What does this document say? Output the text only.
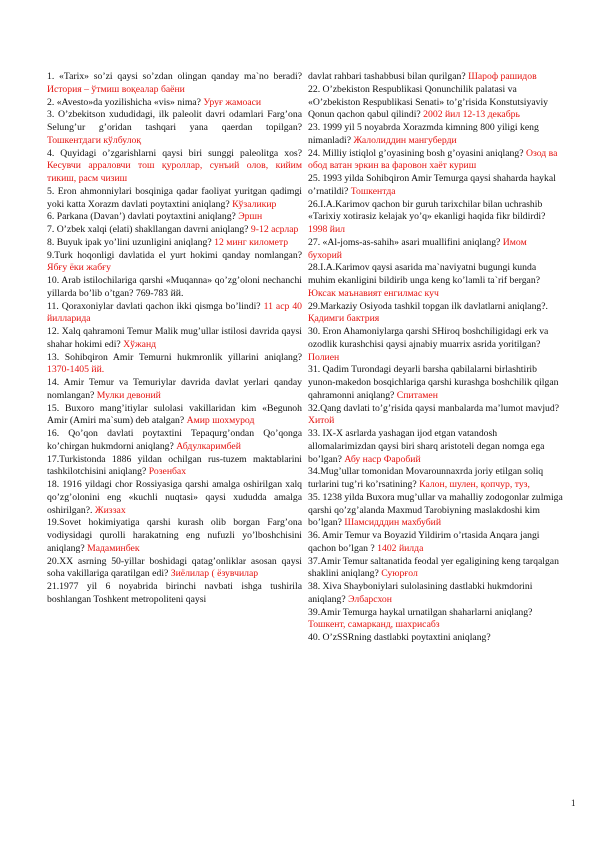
1. «Tarix» so’zi qaysi so’zdan olingan qanday ma`no beradi? История – ўтмиш воқеалар баёни

2. «Avesto»da yozilishicha «vis» nima? Уруғ жамоаси

3. O’zbekitson xududidagi, ilk paleolit davri odamlari Farg’ona Selung’ur g’oridan tashqari yana qaerdan topilgan? Тошкентдаги кўлбулоқ

4. Quyidagi o’zgarishlarni qaysi biri sunggi paleolitga xos? Кесувчи аррaловчи тош қуроллар, сунъий олов, кийим тикиш, расм чизиш

5. Eron ahmonniylari bosqiniga qadar faoliyat yuritgan qadimgi yoki katta Xorazm davlati poytaxtini aniqlang? Кўзаликир

6. Parkana (Davan’) davlati poytaxtini aniqlang? Эршн

7. O’zbek xalqi (elati) shakllangan davrni aniqlang? 9-12 асрлар

8. Buyuk ipak yo’lini uzunligini aniqlang? 12 минг километр

9.Turk hoqonligi davlatida el yurt hokimi qanday nomlangan? Ябғу ёки жабғу

10. Arab istilochilariga qarshi «Muqanna» qo’zg’oloni nechanchi yillarda bo’lib o’tgan? 769-783 йй.

11. Qoraxoniylar davlati qachon ikki qismga bo’lindi? 11 аср 40 йилларида

12. Xalq qahramoni Temur Malik mug’ullar istilosi davrida qaysi shahar hokimi edi? Хўжанд

13. Sohibqiron Amir Temurni hukmronlik yillarini aniqlang? 1370-1405 йй.

14. Amir Temur va Temuriylar davrida davlat yerlari qanday nomlangan? Мулки девоний

15. Buxoro mang’itiylar sulolasi vakillaridan kim «Begunoh Amir (Amiri ma`sum) deb atalgan? Амир шохмурод

16. Qo’qon davlati poytaxtini Tepaqurg’ondan Qo’qonga ko’chirgan hukmdorni aniqlang? Абдулкаримбей

17.Turkistonda 1886 yildan ochilgan rus-tuzem maktablarini tashkilotchisini aniqlang? Розенбах

18. 1916 yildagi chor Rossiyasiga qarshi amalga oshirilgan xalq qo’zg’olonini eng «kuchli nuqtasi» qaysi xududda amalga oshirilgan?. Жиззах

19.Sovet hokimiyatiga qarshi kurash olib borgan Farg’ona vodiysidagi qurolli harakatning eng nufuzli yo’lboshchisini aniqlang? Мадаминбек

20.XX asrning 50-yillar boshidagi qatag’onliklar asosan qaysi soha vakillariga qaratilgan edi? Зиёлилар ( ёзувчилар

21.1977 yil 6 noyabrida birinchi navbati ishga tushirila boshlangan Toshkent metropoliteni qaysi

davlat rahbari tashabbusi bilan qurilgan? Шароф рашидов

22. O’zbekiston Respublikasi Qonunchilik palatasi va «O’zbekiston Respublikasi Senati» to’g’risida Konstutsiyaviy Qonun qachon qabul qilindi? 2002 йил 12-13 декабрь

23. 1999 yil 5 noyabrda Xorazmda kimning 800 yiligi keng nimanladi? Жалолиддин мангуберди

24. Milliy istiqlol g’oyasining bosh g’oyasini aniqlang? Озод ва обод ватан эркин ва фаровон хаёт куриш

25. 1993 yilda Sohibqiron Amir Temurga qaysi shaharda haykal o’rnatildi? Тошкентда

26.I.A.Karimov qachon bir guruh tarixchilar bilan uchrashib «Tarixiy xotirasiz kelajak yo’q» ekanligi haqida fikr bildirdi? 1998 йил

27. «Al-joms-as-sahih» asari muallifini aniqlang? Имом бухорий

28.I.A.Karimov qaysi asarida ma`naviyatni bugungi kunda muhim ekanligini bildirib unga keng ko’lamli ta`rif bergan? Юксак маънавият енгилмас куч

29.Markaziy Osiyoda tashkil topgan ilk davlatlarni aniqlang?. Қадимги бактрия

30. Eron Ahamoniylarga qarshi SHiroq boshchiligidagi erk va ozodlik kurashchisi qaysi ajnabiy muarrix asrida yoritilgan? Полиен

31. Qadim Turondagi deyarli barsha qabilalarni birlashtirib yunon-makedon bosqichlariga qarshi kurashga boshchilik qilgan qahramonni aniqlang? Спитамен

32.Qang davlati to’g’risida qaysi manbalarda ma’lumot mavjud? Хитой

33. IX-X asrlarda yashagan ijod etgan vatandosh allomalarimizdan qaysi biri sharq aristoteli degan nomga ega bo’lgan? Абу наср Фаробий

34.Mug’ullar tomonidan Movarounnaxrda joriy etilgan soliq turlarini tug’ri ko’rsatining? Калон, шулен, қопчур, туз,

35. 1238 yilda Buxora mug’ullar va mahalliy zodogonlar zulmiga qarshi qo’zg’alanda Maxmud Tarobiyning maslakdoshi kim bo’lgan? Шамсидддин махбубий

36. Amir Temur va Boyazid Yildirim o’rtasida Anqara jangi qachon bo’lgan ? 1402 йилда

37.Amir Temur saltanatida feodal yer egaligining keng tarqalgan shaklini aniqlang? Суюрғол

38. Xiva Shayboniylari sulolasining dastlabki hukmdorini aniqlang? Элбарсхон

39.Amir Temurga haykal urnatilgan shaharlarni aniqlang? Тошкент, самарканд, шахрисабз

40. O’zSSRning dastlabki poytaxtini aniqlang?

1
